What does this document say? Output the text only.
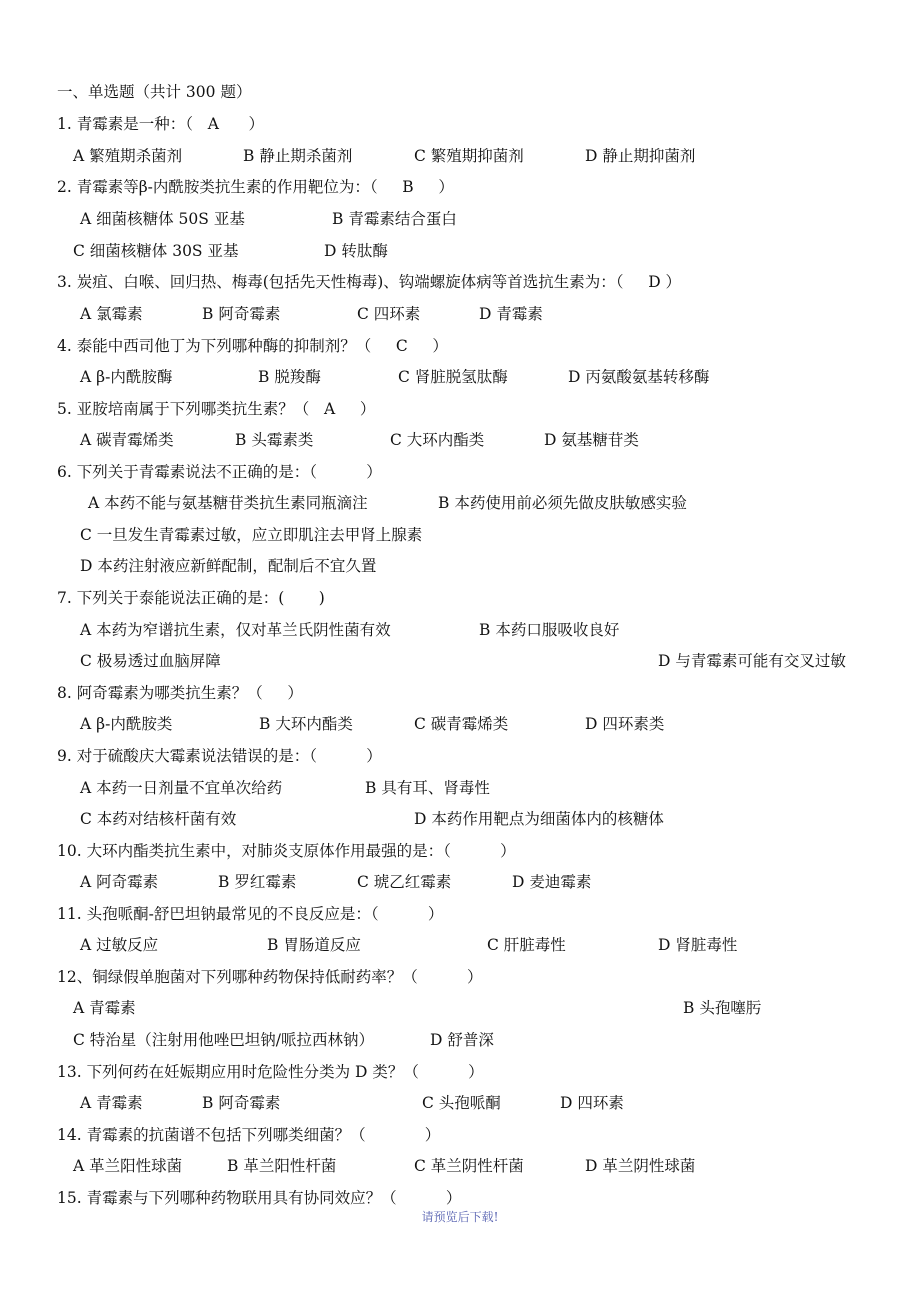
一、单选题（共计 300 题）
1. 青霉素是一种：（   A      ）
A 繁殖期杀菌剂	B 静止期杀菌剂	C 繁殖期抑菌剂	D 静止期抑菌剂
2. 青霉素等β-内酰胺类抗生素的作用靶位为：（     B     ）
A 细菌核糖体 50S 亚基	B 青霉素结合蛋白
C 细菌核糖体 30S 亚基	D 转肽酶
3. 炭疽、白喉、回归热、梅毒(包括先天性梅毒)、钩端螺旋体病等首选抗生素为：（     D ）
A 氯霉素	B 阿奇霉素	C 四环素	D 青霉素
4. 泰能中西司他丁为下列哪种酶的抑制剂？（     C     ）
A β-内酰胺酶	B 脱羧酶	C 肾脏脱氢肽酶	D 丙氨酸氨基转移酶
5. 亚胺培南属于下列哪类抗生素？（   A     ）
A 碳青霉烯类	B 头霉素类	C 大环内酯类	D 氨基糖苷类
6. 下列关于青霉素说法不正确的是：（          ）
A 本药不能与氨基糖苷类抗生素同瓶滴注	B 本药使用前必须先做皮肤敏感实验
C 一旦发生青霉素过敏，应立即肌注去甲肾上腺素
D 本药注射液应新鲜配制，配制后不宜久置
7. 下列关于泰能说法正确的是：(       )
A 本药为窄谱抗生素，仅对革兰氏阴性菌有效	B 本药口服吸收良好
C 极易透过血脑屏障	D 与青霉素可能有交叉过敏
8. 阿奇霉素为哪类抗生素？（     ）
A β-内酰胺类	B 大环内酯类	C 碳青霉烯类	D 四环素类
9. 对于硫酸庆大霉素说法错误的是：（          ）
A 本药一日剂量不宜单次给药	B 具有耳、肾毒性
C 本药对结核杆菌有效	D 本药作用靶点为细菌体内的核糖体
10. 大环内酯类抗生素中，对肺炎支原体作用最强的是：（          ）
A 阿奇霉素	B 罗红霉素	C 琥乙红霉素	D 麦迪霉素
11. 头孢哌酮-舒巴坦钠最常见的不良反应是：（          ）
A 过敏反应	B 胃肠道反应	C 肝脏毒性	D 肾脏毒性
12、铜绿假单胞菌对下列哪种药物保持低耐药率？（          ）
A 青霉素	B 头孢噻肟
C 特治星（注射用他唑巴坦钠/哌拉西林钠）	D 舒普深
13. 下列何药在妊娠期应用时危险性分类为 D 类？（          ）
A 青霉素	B 阿奇霉素	C 头孢哌酮	D 四环素
14. 青霉素的抗菌谱不包括下列哪类细菌？（            ）
A 革兰阳性球菌	B 革兰阳性杆菌	C 革兰阴性杆菌	D 革兰阴性球菌
15. 青霉素与下列哪种药物联用具有协同效应？（          ）
请预览后下载!
